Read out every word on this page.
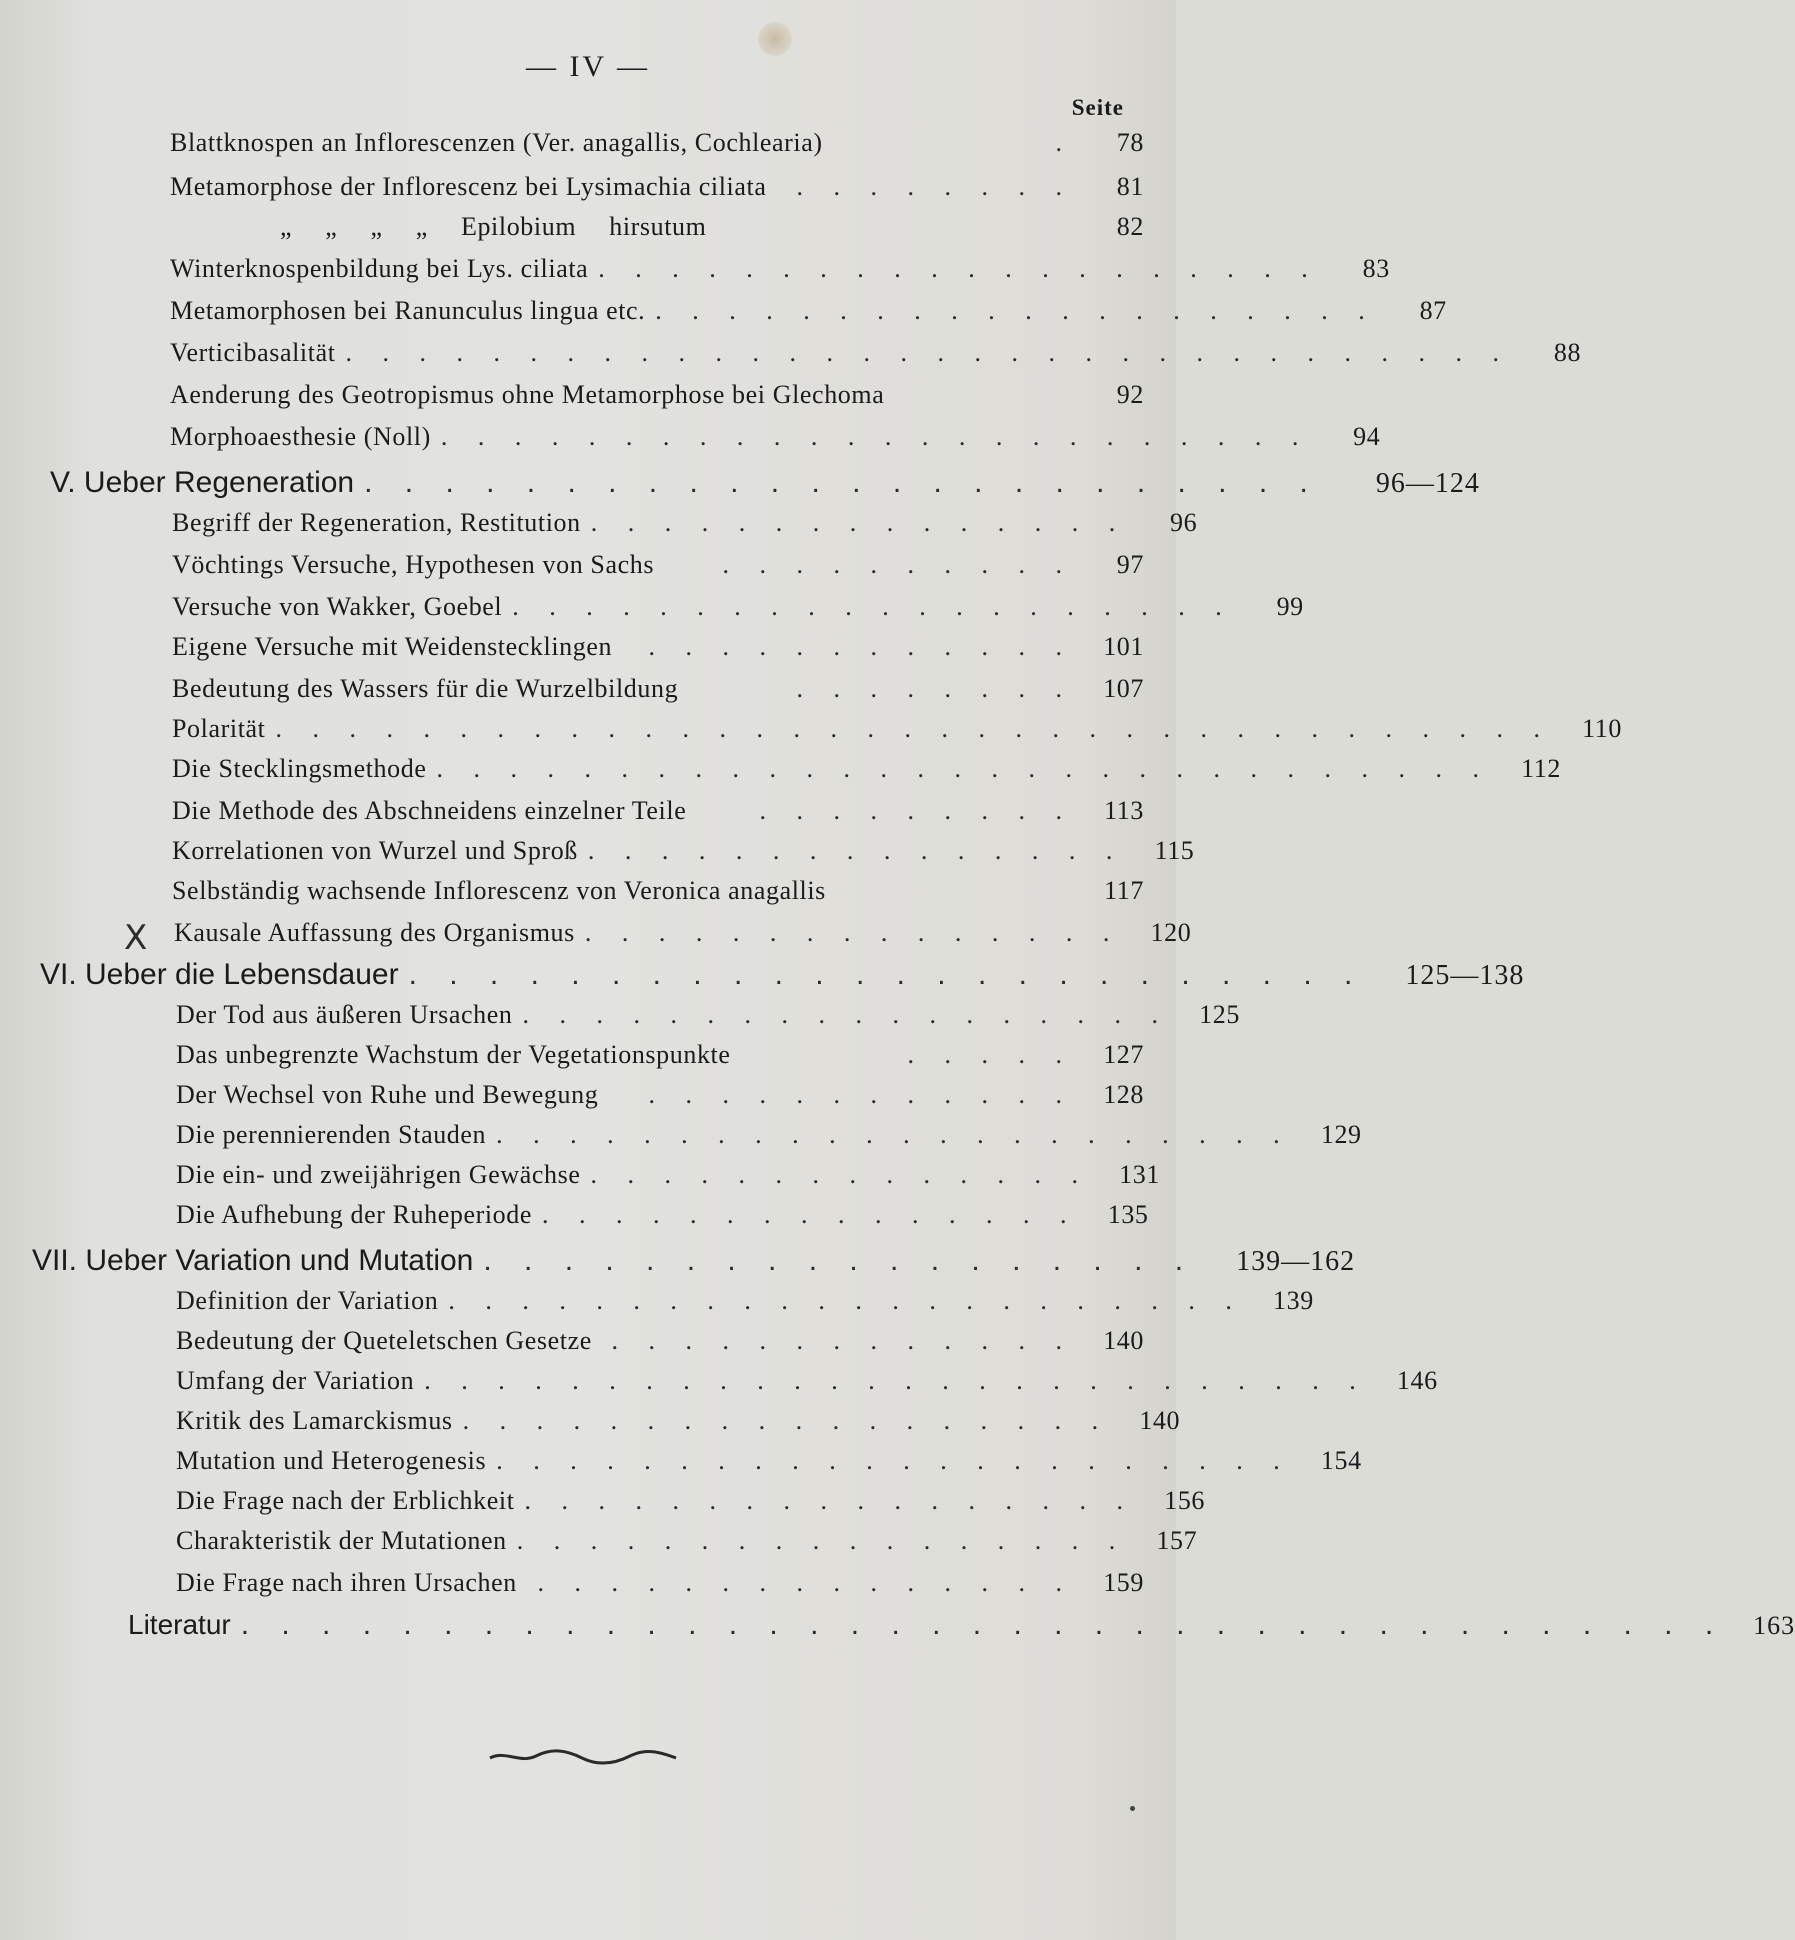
— IV —
Seite
Blattknospen an Inflorescenzen (Ver. anagallis, Cochlearia)	.	78
Metamorphose der Inflorescenz bei Lysimachia ciliata	. . . . . . . .	81
„ „ „ „ Epilobium hirsutum	82
Winterknospenbildung bei Lys. ciliata . . . . . . . . . . . . . . . . . . . .	83
Metamorphosen bei Ranunculus lingua etc. . . . . . . . . . . . . . . . . . . . .	87
Verticibasalität . . . . . . . . . . . . . . . . . . . . . . . . . . . . . . . .	88
Aenderung des Geotropismus ohne Metamorphose bei Glechoma	92
Morphoaesthesie (Noll) . . . . . . . . . . . . . . . . . . . . . . . .	94
V. Ueber Regeneration . . . . . . . . . . . . . . . . . . . . . . . .	96—124
Begriff der Regeneration, Restitution . . . . . . . . . . . . . . .	96
Vöchtings Versuche, Hypothesen von Sachs	. . . . . . . . . .	97
Versuche von Wakker, Goebel . . . . . . . . . . . . . . . . . . . .	99
Eigene Versuche mit Weidenstecklingen	. . . . . . . . . . . .	101
Bedeutung des Wassers für die Wurzelbildung	. . . . . . . .	107
Polarität . . . . . . . . . . . . . . . . . . . . . . . . . . . . . . . . . . .	110
Die Stecklingsmethode . . . . . . . . . . . . . . . . . . . . . . . . . . . . .	112
Die Methode des Abschneidens einzelner Teile	. . . . . . . . .	113
Korrelationen von Wurzel und Sproß . . . . . . . . . . . . . . .	115
Selbständig wachsende Inflorescenz von Veronica anagallis	117
X Kausale Auffassung des Organismus . . . . . . . . . . . . . . .	120
VI. Ueber die Lebensdauer . . . . . . . . . . . . . . . . . . . . . . . .	125—138
Der Tod aus äußeren Ursachen . . . . . . . . . . . . . . . . . .	125
Das unbegrenzte Wachstum der Vegetationspunkte	. . . . .	127
Der Wechsel von Ruhe und Bewegung	. . . . . . . . . . . .	128
Die perennierenden Stauden . . . . . . . . . . . . . . . . . . . . . .	129
Die ein- und zweijährigen Gewächse . . . . . . . . . . . . . .	131
Die Aufhebung der Ruheperiode . . . . . . . . . . . . . . .	135
VII. Ueber Variation und Mutation . . . . . . . . . . . . . . . . . .	139—162
Definition der Variation . . . . . . . . . . . . . . . . . . . . . .	139
Bedeutung der Queteletschen Gesetze . . . . . . . . . . . . .	140
Umfang der Variation . . . . . . . . . . . . . . . . . . . . . . . . . .	146
Kritik des Lamarckismus . . . . . . . . . . . . . . . . . .	140
Mutation und Heterogenesis . . . . . . . . . . . . . . . . . . . . . .	154
Die Frage nach der Erblichkeit . . . . . . . . . . . . . . . . .	156
Charakteristik der Mutationen . . . . . . . . . . . . . . . . .	157
Die Frage nach ihren Ursachen . . . . . . . . . . . . . . .	159
Literatur . . . . . . . . . . . . . . . . . . . . . . . . . . . . . . . . . . . . .	163
